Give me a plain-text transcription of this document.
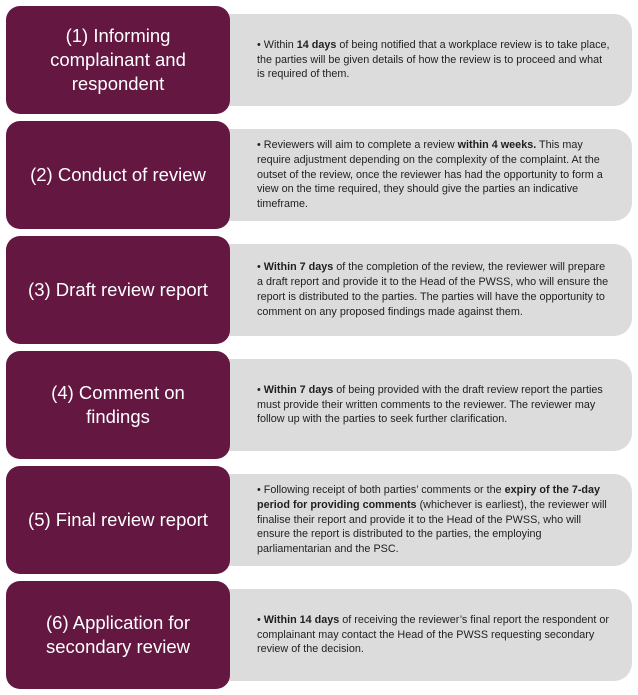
• Within 14 days of being notified that a workplace review is to take place, the parties will be given details of how the review is to proceed and what is required of them.

(1) Informing complainant and respondent

• Reviewers will aim to complete a review within 4 weeks. This may require adjustment depending on the complexity of the complaint. At the outset of the review, once the reviewer has had the opportunity to form a view on the time required, they should give the parties an indicative timeframe.

(2) Conduct of review

• Within 7 days of the completion of the review, the reviewer will prepare a draft report and provide it to the Head of the PWSS, who will ensure the report is distributed to the parties. The parties will have the opportunity to comment on any proposed findings made against them.

(3) Draft review report

• Within 7 days of being provided with the draft review report the parties must provide their written comments to the reviewer. The reviewer may follow up with the parties to seek further clarification.

(4) Comment on findings

• Following receipt of both parties’ comments or the expiry of the 7-day period for providing comments (whichever is earliest), the reviewer will finalise their report and provide it to the Head of the PWSS, who will ensure the report is distributed to the parties, the employing parliamentarian and the PSC.

(5) Final review report

• Within 14 days of receiving the reviewer’s final report the respondent or complainant may contact the Head of the PWSS requesting secondary review of the decision.

(6) Application for secondary review
